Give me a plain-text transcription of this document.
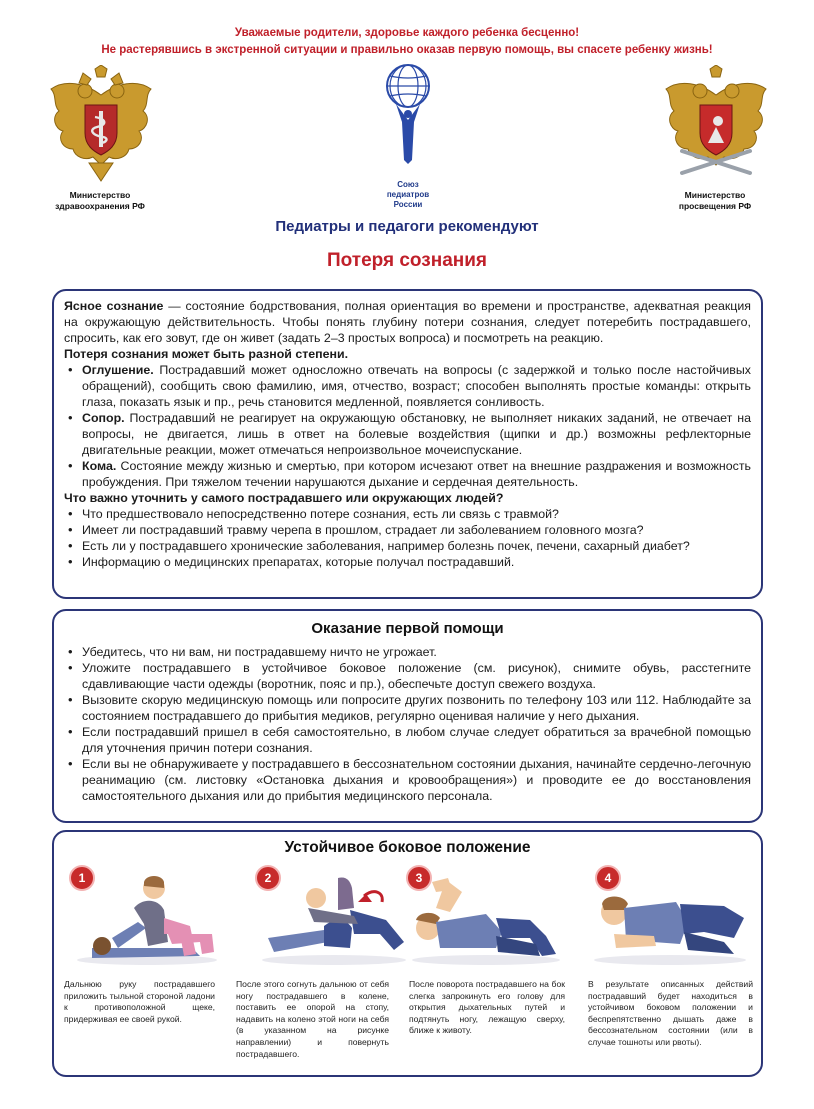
Уважаемые родители, здоровье каждого ребенка бесценно!
Не растерявшись в экстренной ситуации и правильно оказав первую помощь, вы спасете ребенку жизнь!
Министерство
здравоохранения РФ
Союз
педиатров
России
Министерство
просвещения РФ
Педиатры и педагоги рекомендуют
Потеря сознания

Ясное сознание — состояние бодрствования, полная ориентация во времени и пространстве, адекватная реакция на окружающую действительность. Чтобы понять глубину потери сознания, следует потеребить пострадавшего, спросить, как его зовут, где он живет (задать 2–3 простых вопроса) и посмотреть на реакцию.

Потеря сознания может быть разной степени.

• Оглушение. Пострадавший может односложно отвечать на вопросы (с задержкой и только после настойчивых обращений), сообщить свою фамилию, имя, отчество, возраст; способен выполнять простые команды: открыть глаза, показать язык и пр., речь становится медленной, появляется сонливость.
• Сопор. Пострадавший не реагирует на окружающую обстановку, не выполняет никаких заданий, не отвечает на вопросы, не двигается, лишь в ответ на болевые воздействия (щипки и др.) возможны рефлекторные двигательные реакции, может отмечаться непроизвольное мочеиспускание.
• Кома. Состояние между жизнью и смертью, при котором исчезают ответ на внешние раздражения и возможность пробуждения. При тяжелом течении нарушаются дыхание и сердечная деятельность.

Что важно уточнить у самого пострадавшего или окружающих людей?

• Что предшествовало непосредственно потере сознания, есть ли связь с травмой?
• Имеет ли пострадавший травму черепа в прошлом, страдает ли заболеванием головного мозга?
• Есть ли у пострадавшего хронические заболевания, например болезнь почек, печени, сахарный диабет?
• Информацию о медицинских препаратах, которые получал пострадавший.
Оказание первой помощи
• Убедитесь, что ни вам, ни пострадавшему ничто не угрожает.
• Уложите пострадавшего в устойчивое боковое положение (см. рисунок), снимите обувь, расстегните сдавливающие части одежды (воротник, пояс и пр.), обеспечьте доступ свежего воздуха.
• Вызовите скорую медицинскую помощь или попросите других позвонить по телефону 103 или 112. Наблюдайте за состоянием пострадавшего до прибытия медиков, регулярно оценивая наличие у него дыхания.
• Если пострадавший пришел в себя самостоятельно, в любом случае следует обратиться за врачебной помощью для уточнения причин потери сознания.
• Если вы не обнаруживаете у пострадавшего в бессознательном состоянии дыхания, начинайте сердечно-легочную реанимацию (см. листовку «Остановка дыхания и кровообращения») и проводите ее до восстановления самостоятельного дыхания или до прибытия медицинского персонала.
Устойчивое боковое положение
1
Дальнюю руку пострадавшего приложить тыльной стороной ладони к противоположной щеке, придерживая ее своей рукой.
2
После этого согнуть дальнюю от себя ногу пострадавшего в колене, поставить ее опорой на стопу, надавить на колено этой ноги на себя (в указанном на рисунке направлении) и повернуть пострадавшего.
3
После поворота пострадавшего на бок слегка запрокинуть его голову для открытия дыхательных путей и подтянуть ногу, лежащую сверху, ближе к животу.
4
В результате описанных действий пострадавший будет находиться в устойчивом боковом положении и беспрепятственно дышать даже в бессознательном состоянии (или в случае тошноты или рвоты).
